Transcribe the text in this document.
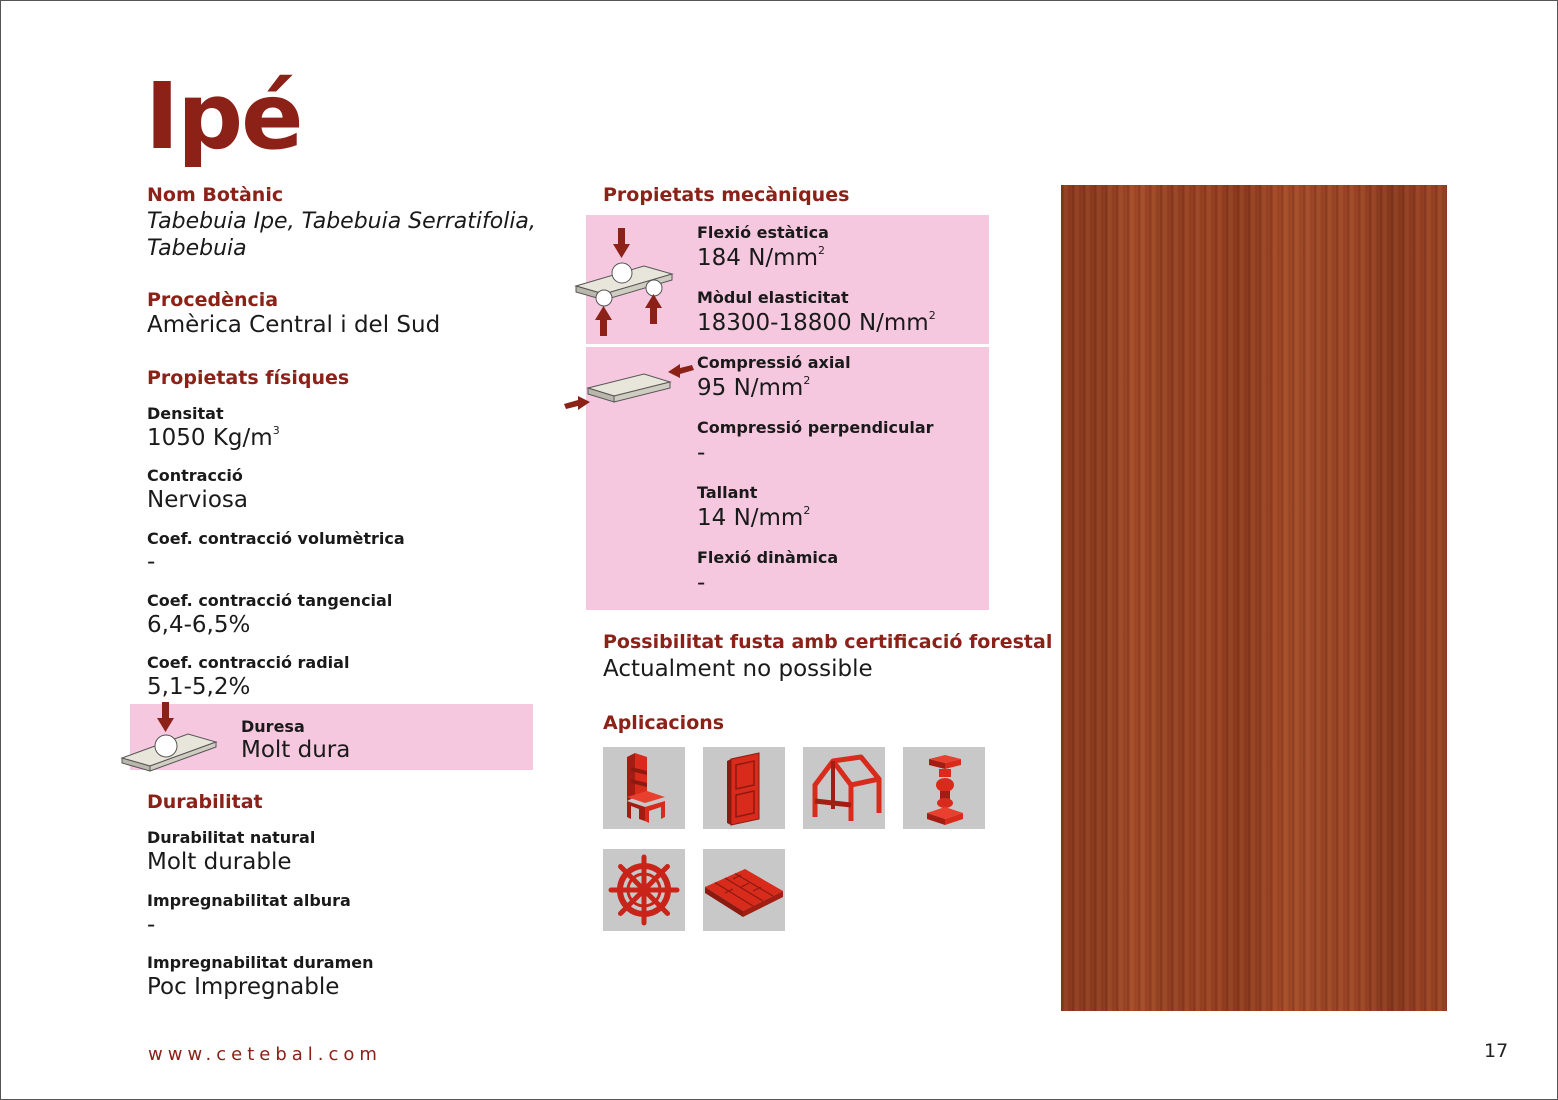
Ipé
Nom Botànic
Tabebuia Ipe, Tabebuia Serratifolia,
Tabebuia
Procedència
Amèrica Central i del Sud
Propietats físiques
Densitat
1050 $Kg/m^3$
Contracció
Nerviosa
Coef. contracció volumètrica
-
Coef. contracció tangencial
6,4-6,5%
Coef. contracció radial
5,1-5,2%
Duresa
Molt dura
Durabilitat
Durabilitat natural
Molt durable
Impregnabilitat albura
-
Impregnabilitat duramen
Poc Impregnable
Propietats mecàniques
Flexió estàtica
184 $N/mm^2$
Mòdul elasticitat
18300-18800 $N/mm^2$
Compressió axial
95 $N/mm^2$
Compressió perpendicular
-
Tallant
14 $N/mm^2$
Flexió dinàmica
-
Possibilitat fusta amb certificació forestal
Actualment no possible
Aplicacions
www.cetebal.com	17
